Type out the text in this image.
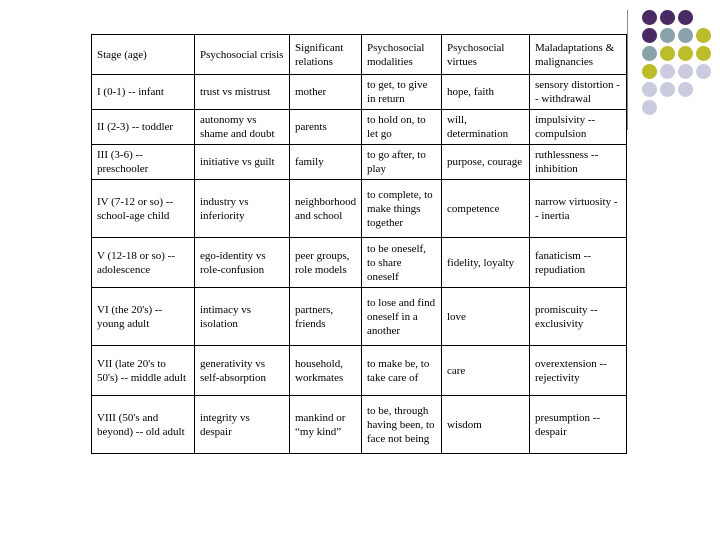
Stage (age)	Psychosocial crisis	Significant relations	Psychosocial modalities	Psychosocial virtues	Maladaptations & malignancies
I (0-1) -- infant	trust vs mistrust	mother	to get, to give in return	hope, faith	sensory distortion -- withdrawal
II (2-3) -- toddler	autonomy vs shame and doubt	parents	to hold on, to let go	will, determination	impulsivity -- compulsion
III (3-6) -- preschooler	initiative vs guilt	family	to go after, to play	purpose, courage	ruthlessness -- inhibition
IV (7-12 or so) -- school-age child	industry vs inferiority	neighborhood and school	to complete, to make things together	competence	narrow virtuosity -- inertia
V (12-18 or so) -- adolescence	ego-identity vs role-confusion	peer groups, role models	to be oneself, to share oneself	fidelity, loyalty	fanaticism -- repudiation
VI (the 20's) -- young adult	intimacy vs isolation	partners, friends	to lose and find oneself in a another	love	promiscuity -- exclusivity
VII (late 20's to 50's) -- middle adult	generativity vs self-absorption	household, workmates	to make be, to take care of	care	overextension -- rejectivity
VIII (50's and beyond) -- old adult	integrity vs despair	mankind or “my kind”	to be, through having been, to face not being	wisdom	presumption -- despair
